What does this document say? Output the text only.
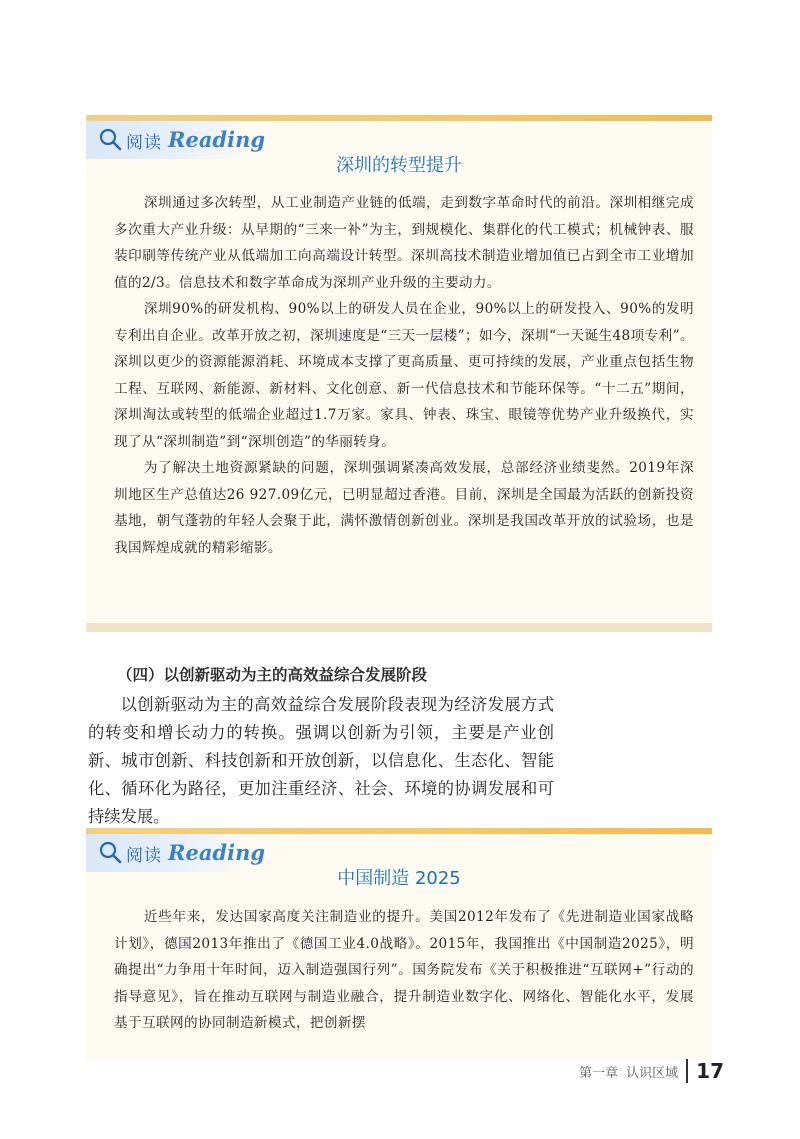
阅读 Reading
深圳的转型提升

深圳通过多次转型，从工业制造产业链的低端，走到数字革命时代的前沿。深圳相继完成多次重大产业升级：从早期的“三来一补”为主，到规模化、集群化的代工模式；机械钟表、服装印刷等传统产业从低端加工向高端设计转型。深圳高技术制造业增加值已占到全市工业增加值的2/3。信息技术和数字革命成为深圳产业升级的主要动力。

深圳90%的研发机构、90%以上的研发人员在企业，90%以上的研发投入、90%的发明专利出自企业。改革开放之初，深圳速度是“三天一层楼”；如今，深圳“一天诞生48项专利”。深圳以更少的资源能源消耗、环境成本支撑了更高质量、更可持续的发展，产业重点包括生物工程、互联网、新能源、新材料、文化创意、新一代信息技术和节能环保等。“十二五”期间，深圳淘汰或转型的低端企业超过1.7万家。家具、钟表、珠宝、眼镜等优势产业升级换代，实现了从“深圳制造”到“深圳创造”的华丽转身。

为了解决土地资源紧缺的问题，深圳强调紧凑高效发展，总部经济业绩斐然。2019年深圳地区生产总值达26 927.09亿元，已明显超过香港。目前，深圳是全国最为活跃的创新投资基地，朝气蓬勃的年轻人会聚于此，满怀激情创新创业。深圳是我国改革开放的试验场，也是我国辉煌成就的精彩缩影。

（四）以创新驱动为主的高效益综合发展阶段

以创新驱动为主的高效益综合发展阶段表现为经济发展方式的转变和增长动力的转换。强调以创新为引领，主要是产业创新、城市创新、科技创新和开放创新，以信息化、生态化、智能化、循环化为路径，更加注重经济、社会、环境的协调发展和可持续发展。

阅读 Reading
中国制造 2025

近些年来，发达国家高度关注制造业的提升。美国2012年发布了《先进制造业国家战略计划》，德国2013年推出了《德国工业4.0战略》。2015年，我国推出《中国制造2025》，明确提出“力争用十年时间，迈入制造强国行列”。国务院发布《关于积极推进“互联网+”行动的指导意见》，旨在推动互联网与制造业融合，提升制造业数字化、网络化、智能化水平，发展基于互联网的协同制造新模式，把创新摆

第一章 认识区域 17
